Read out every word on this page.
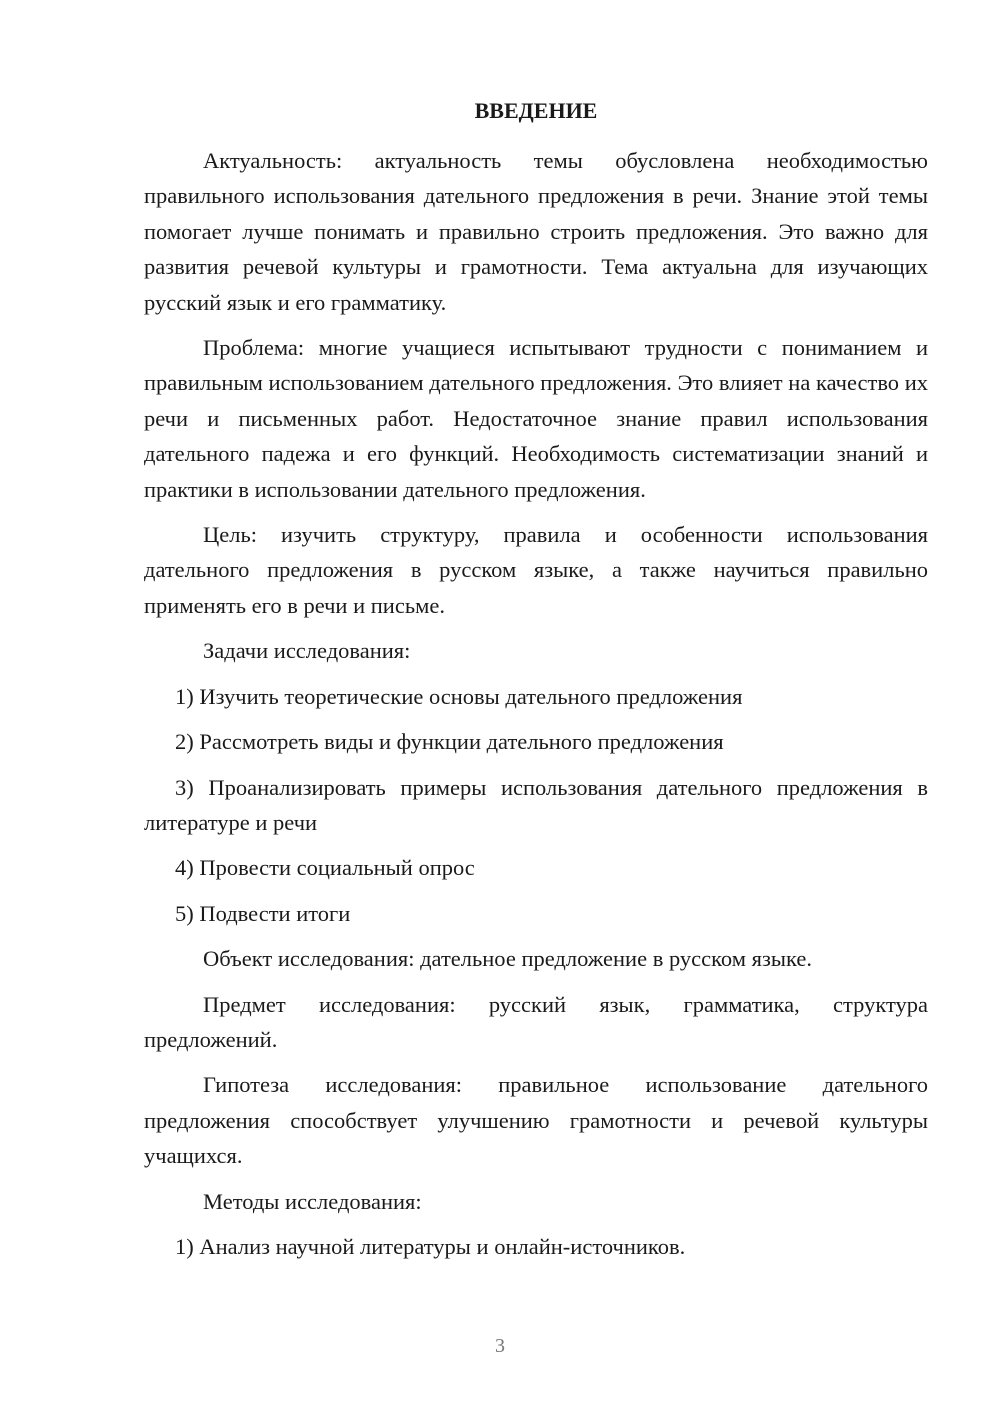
ВВЕДЕНИЕ

Актуальность: актуальность темы обусловлена необходимостью правильного использования дательного предложения в речи. Знание этой темы помогает лучше понимать и правильно строить предложения. Это важно для развития речевой культуры и грамотности. Тема актуальна для изучающих русский язык и его грамматику.

Проблема: многие учащиеся испытывают трудности с пониманием и правильным использованием дательного предложения. Это влияет на качество их речи и письменных работ. Недостаточное знание правил использования дательного падежа и его функций. Необходимость систематизации знаний и практики в использовании дательного предложения.

Цель: изучить структуру, правила и особенности использования дательного предложения в русском языке, а также научиться правильно применять его в речи и письме.

Задачи исследования:

1) Изучить теоретические основы дательного предложения

2) Рассмотреть виды и функции дательного предложения

3) Проанализировать примеры использования дательного предложения в литературе и речи

4) Провести социальный опрос

5) Подвести итоги

Объект исследования: дательное предложение в русском языке.

Предмет исследования: русский язык, грамматика, структура предложений.

Гипотеза исследования: правильное использование дательного предложения способствует улучшению грамотности и речевой культуры учащихся.

Методы исследования:

1) Анализ научной литературы и онлайн-источников.

3
